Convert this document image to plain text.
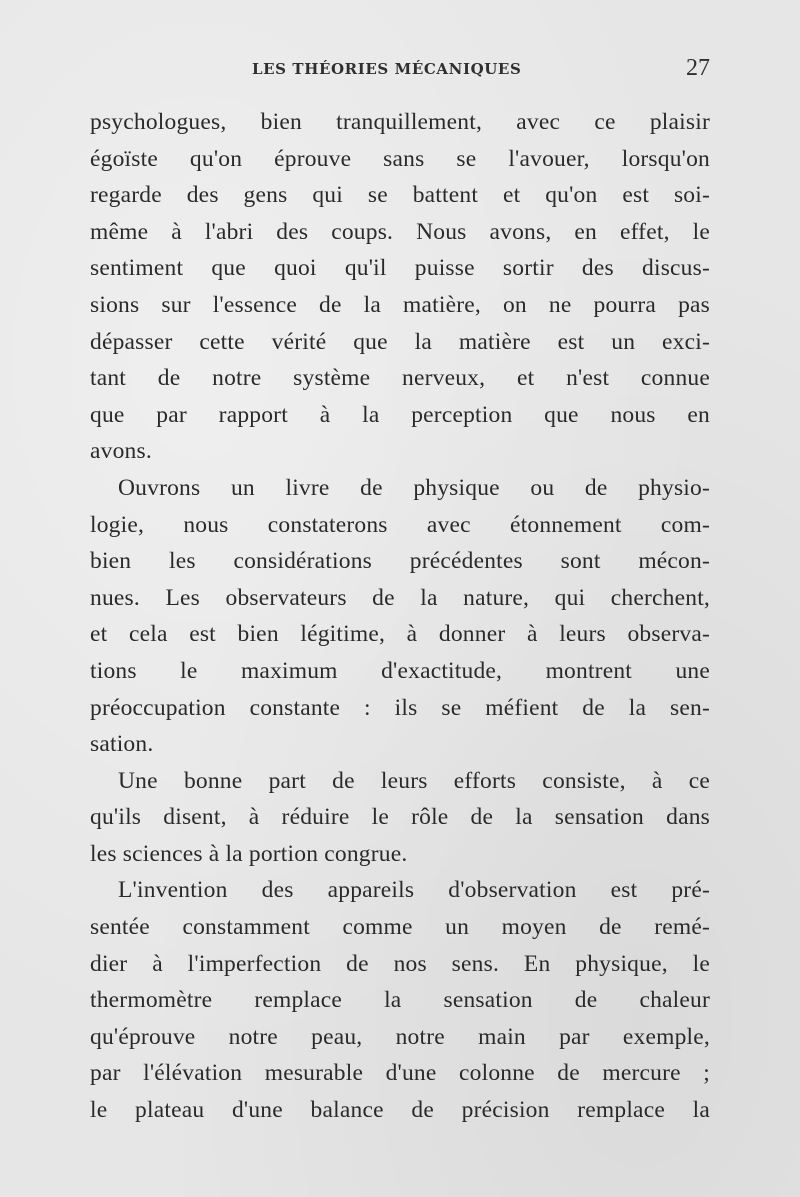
LES THÉORIES MÉCANIQUES	27
psychologues, bien tranquillement, avec ce plaisir
égoïste qu'on éprouve sans se l'avouer, lorsqu'on
regarde des gens qui se battent et qu'on est soi-
même à l'abri des coups. Nous avons, en effet, le
sentiment que quoi qu'il puisse sortir des discus-
sions sur l'essence de la matière, on ne pourra pas
dépasser cette vérité que la matière est un exci-
tant de notre système nerveux, et n'est connue
que par rapport à la perception que nous en
avons.
Ouvrons un livre de physique ou de physio-
logie, nous constaterons avec étonnement com-
bien les considérations précédentes sont mécon-
nues. Les observateurs de la nature, qui cherchent,
et cela est bien légitime, à donner à leurs observa-
tions le maximum d'exactitude, montrent une
préoccupation constante : ils se méfient de la sen-
sation.
Une bonne part de leurs efforts consiste, à ce
qu'ils disent, à réduire le rôle de la sensation dans
les sciences à la portion congrue.
L'invention des appareils d'observation est pré-
sentée constamment comme un moyen de remé-
dier à l'imperfection de nos sens. En physique, le
thermomètre remplace la sensation de chaleur
qu'éprouve notre peau, notre main par exemple,
par l'élévation mesurable d'une colonne de mercure ;
le plateau d'une balance de précision remplace la
